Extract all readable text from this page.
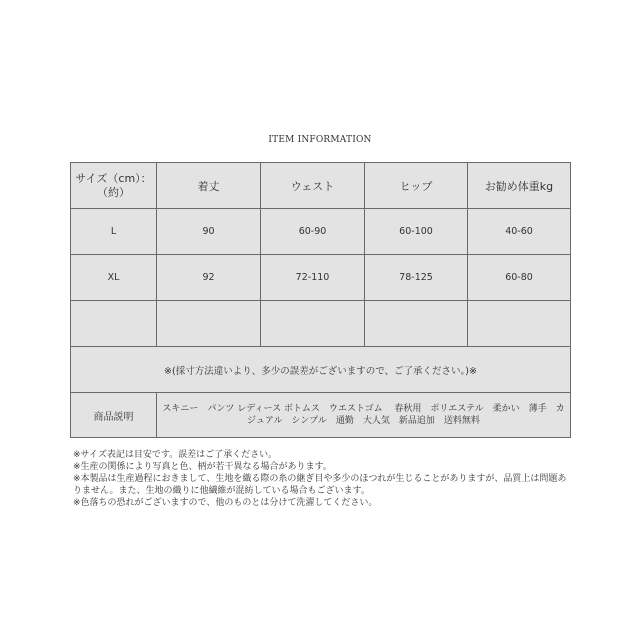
ITEM INFORMATION
サイズ（cm）：
（約）	着丈	ウェスト	ヒップ	お勧め体重kg
L	90	60-90	60-100	40-60
XL	92	72-110	78-125	60-80

※(採寸方法違いより、多少の誤差がございますので、ご了承ください。)※				
商品説明	スキニー　パンツ レディース ボトムス　ウエストゴム　 春秋用　ポリエステル　柔かい　薄手　カジュアル　シンプル　通勤　大人気　新品追加　送料無料			
※サイズ表記は目安です。誤差はご了承ください。
※生産の関係により写真と色、柄が若干異なる場合があります。
※本製品は生産過程におきまして、生地を織る際の糸の継ぎ目や多少のほつれが生じることがありますが、品質上は問題ありません。また、生地の織りに他繊維が混紡している場合もございます。
※色落ちの恐れがございますので、他のものとは分けて洗濯してください。
